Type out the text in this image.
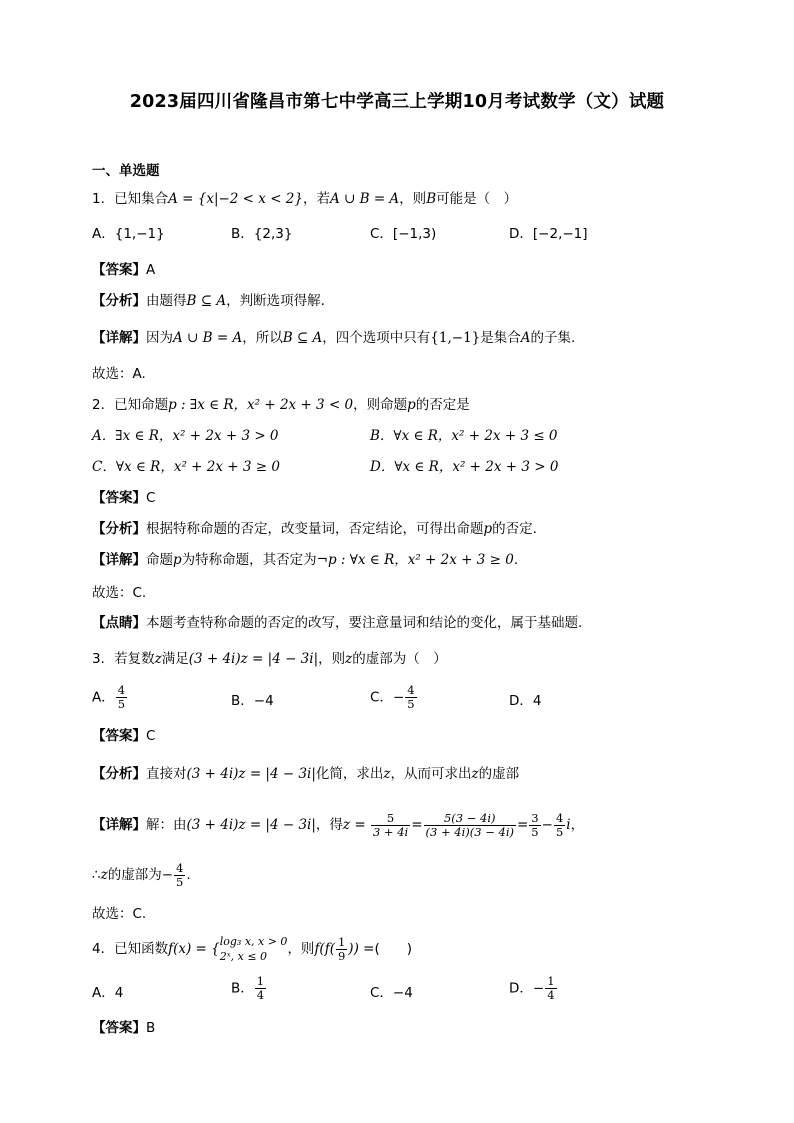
2023届四川省隆昌市第七中学高三上学期10月考试数学（文）试题
一、单选题
1．已知集合A = {x|−2 < x < 2}，若A ∪ B = A，则B可能是（　）
A．{1,−1}	B．{2,3}	C．[−1,3)	D．[−2,−1]
【答案】A
【分析】由题得B ⊆ A，判断选项得解.
【详解】因为A ∪ B = A，所以B ⊆ A，四个选项中只有{1,−1}是集合A的子集.
故选：A.
2．已知命题p : ∃x ∈ R，x² + 2x + 3 < 0，则命题p的否定是
A．∃x ∈ R，x² + 2x + 3 > 0	B．∀x ∈ R，x² + 2x + 3 ≤ 0
C．∀x ∈ R，x² + 2x + 3 ≥ 0	D．∀x ∈ R，x² + 2x + 3 > 0
【答案】C
【分析】根据特称命题的否定，改变量词，否定结论，可得出命题p的否定.
【详解】命题p为特称命题，其否定为¬p : ∀x ∈ R，x² + 2x + 3 ≥ 0.
故选：C.
【点睛】本题考查特称命题的否定的改写，要注意量词和结论的变化，属于基础题.
3．若复数z满足(3 + 4i)z = |4 − 3i|，则z的虚部为（　）
A． $\frac{4}{5}$	B．−4	C．− $\frac{4}{5}$	D．4
【答案】C
【分析】直接对(3 + 4i)z = |4 − 3i|化简，求出z，从而可求出z的虚部
【详解】解：由(3 + 4i)z = |4 − 3i|，得$z = \frac{5}{3 + 4i} = \frac{5(3 - 4i)}{(3 + 4i)(3 - 4i)} = \frac{3}{5} - \frac{4}{5}$ i，
∴z的虚部为− $\frac{4}{5}$ .
故选：C.
4．已知函数f(x) = { log₃ x, x > 0
2ˣ, x ≤ 0	，则$f(f( \frac{1}{9}$ )) =(　　)
A．4	B． $\frac{1}{4}$	C．−4	D．− $\frac{1}{4}$
【答案】B
